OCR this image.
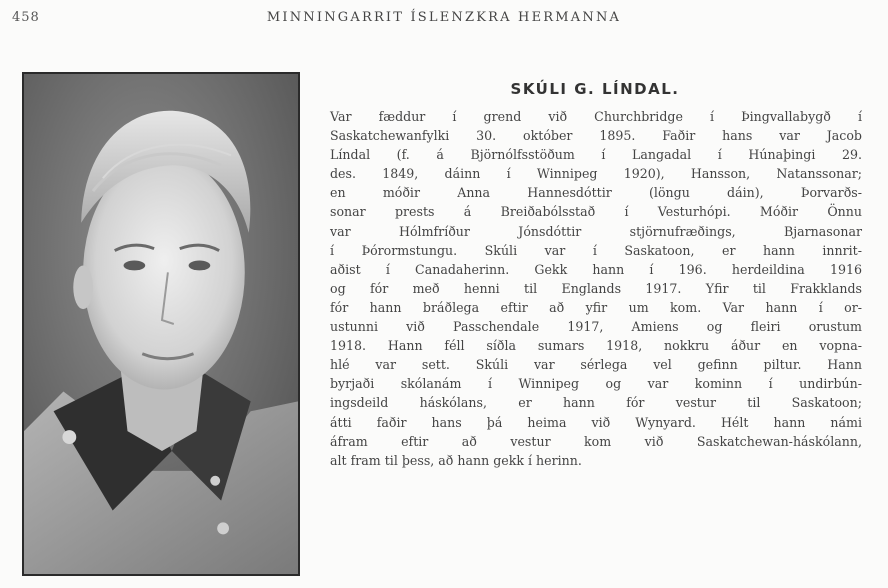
458	MINNINGARRIT ÍSLENZKRA HERMANNA
SKÚLI G. LÍNDAL.
Var fæddur í grend við Churchbridge í Þingvallabygð í
Saskatchewanfylki 30. október 1895. Faðir hans var Jacob
Líndal (f. á Björnólfsstöðum í Langadal í Húnaþingi 29.
des. 1849, dáinn í Winnipeg 1920), Hansson, Natanssonar;
en móðir Anna Hannesdóttir (löngu dáin), Þorvarðs-
sonar prests á Breiðabólsstað í Vesturhópi. Móðir Önnu
var Hólmfríður Jónsdóttir stjörnufræðings, Bjarnasonar
í Þórormstungu. Skúli var í Saskatoon, er hann innrit-
aðist í Canadaherinn. Gekk hann í 196. herdeildina 1916
og fór með henni til Englands 1917. Yfir til Frakklands
fór hann bráðlega eftir að yfir um kom. Var hann í or-
ustunni við Passchendale 1917, Amiens og fleiri orustum
1918. Hann féll síðla sumars 1918, nokkru áður en vopna-
hlé var sett. Skúli var sérlega vel gefinn piltur. Hann
byrjaði skólanám í Winnipeg og var kominn í undirbún-
ingsdeild háskólans, er hann fór vestur til Saskatoon;
átti faðir hans þá heima við Wynyard. Hélt hann námi
áfram eftir að vestur kom við Saskatchewan-háskólann,
alt fram til þess, að hann gekk í herinn.
